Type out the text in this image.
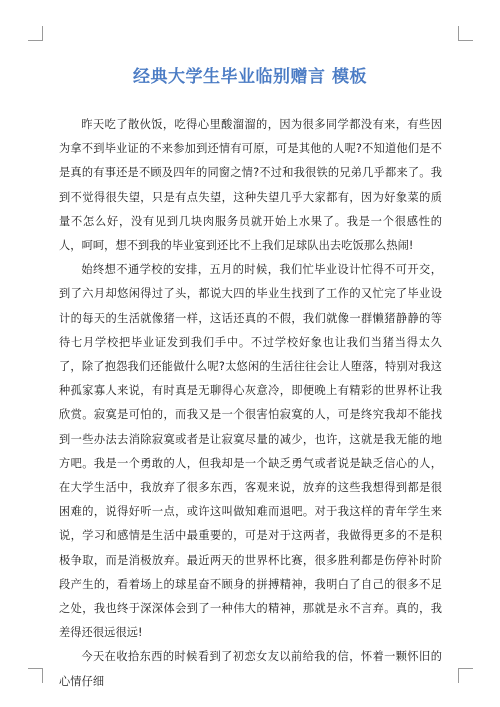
经典大学生毕业临别赠言 模板

昨天吃了散伙饭，吃得心里酸溜溜的，因为很多同学都没有来，有些因为拿不到毕业证的不来参加到还情有可原，可是其他的人呢?不知道他们是不是真的有事还是不顾及四年的同窗之情?不过和我很铁的兄弟几乎都来了。我到不觉得很失望，只是有点失望，这种失望几乎大家都有，因为好象菜的质量不怎么好，没有见到几块肉服务员就开始上水果了。我是一个很感性的人，呵呵，想不到我的毕业宴到还比不上我们足球队出去吃饭那么热闹!

始终想不通学校的安排，五月的时候，我们忙毕业设计忙得不可开交，到了六月却悠闲得过了头，都说大四的毕业生找到了工作的又忙完了毕业设计的每天的生活就像猪一样，这话还真的不假，我们就像一群懒猪静静的等待七月学校把毕业证发到我们手中。不过学校好象也让我们当猪当得太久了，除了抱怨我们还能做什么呢?太悠闲的生活往往会让人堕落，特别对我这种孤家寡人来说，有时真是无聊得心灰意冷，即便晚上有精彩的世界杯让我欣赏。寂寞是可怕的，而我又是一个很害怕寂寞的人，可是终究我却不能找到一些办法去消除寂寞或者是让寂寞尽量的减少，也许，这就是我无能的地方吧。我是一个勇敢的人，但我却是一个缺乏勇气或者说是缺乏信心的人，在大学生活中，我放弃了很多东西，客观来说，放弃的这些我想得到都是很困难的，说得好听一点，或许这叫做知难而退吧。对于我这样的青年学生来说，学习和感情是生活中最重要的，可是对于这两者，我做得更多的不是积极争取，而是消极放弃。最近两天的世界杯比赛，很多胜利都是伤停补时阶段产生的，看着场上的球星奋不顾身的拼搏精神，我明白了自己的很多不足之处，我也终于深深体会到了一种伟大的精神，那就是永不言弃。真的，我差得还很远很远!

今天在收拾东西的时候看到了初恋女友以前给我的信，怀着一颗怀旧的心情仔细
